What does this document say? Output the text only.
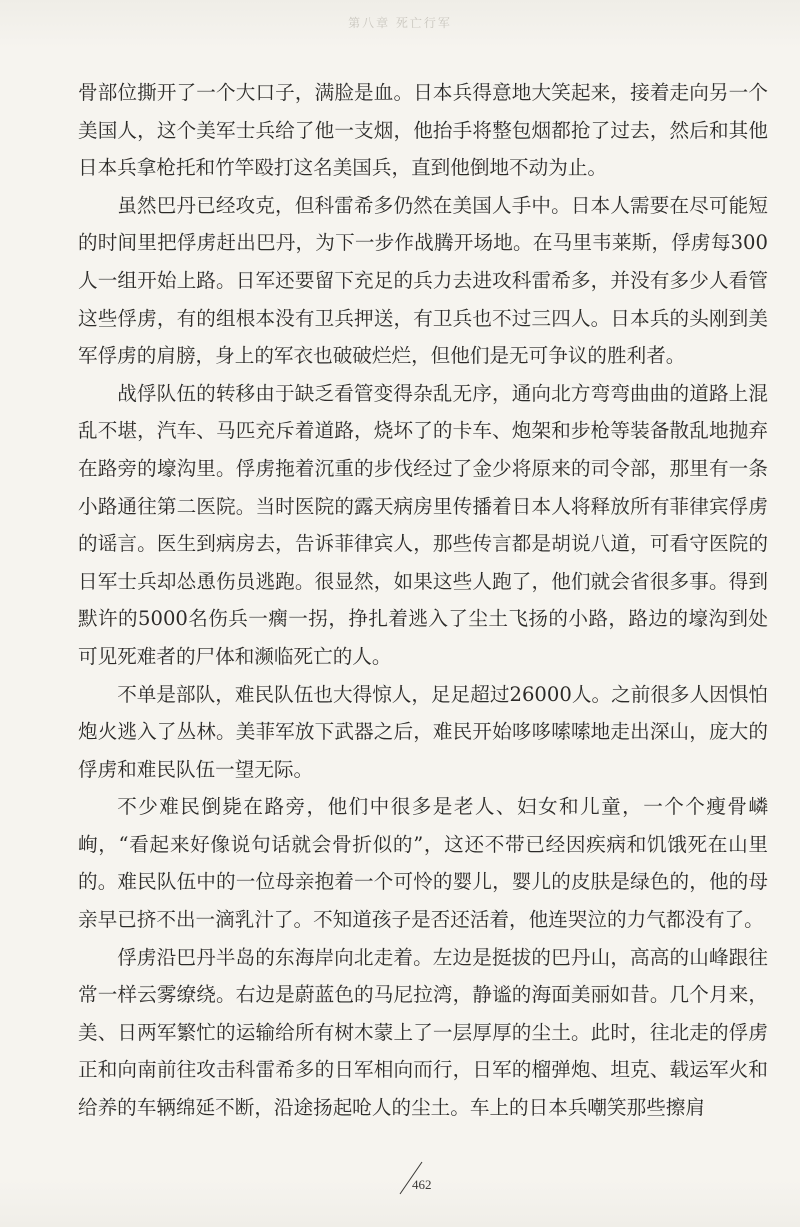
第八章 死亡行军

骨部位撕开了一个大口子，满脸是血。日本兵得意地大笑起来，接着走向另一个美国人，这个美军士兵给了他一支烟，他抬手将整包烟都抢了过去，然后和其他日本兵拿枪托和竹竿殴打这名美国兵，直到他倒地不动为止。

虽然巴丹已经攻克，但科雷希多仍然在美国人手中。日本人需要在尽可能短的时间里把俘虏赶出巴丹，为下一步作战腾开场地。在马里韦莱斯，俘虏每300人一组开始上路。日军还要留下充足的兵力去进攻科雷希多，并没有多少人看管这些俘虏，有的组根本没有卫兵押送，有卫兵也不过三四人。日本兵的头刚到美军俘虏的肩膀，身上的军衣也破破烂烂，但他们是无可争议的胜利者。

战俘队伍的转移由于缺乏看管变得杂乱无序，通向北方弯弯曲曲的道路上混乱不堪，汽车、马匹充斥着道路，烧坏了的卡车、炮架和步枪等装备散乱地抛弃在路旁的壕沟里。俘虏拖着沉重的步伐经过了金少将原来的司令部，那里有一条小路通往第二医院。当时医院的露天病房里传播着日本人将释放所有菲律宾俘虏的谣言。医生到病房去，告诉菲律宾人，那些传言都是胡说八道，可看守医院的日军士兵却怂恿伤员逃跑。很显然，如果这些人跑了，他们就会省很多事。得到默许的5000名伤兵一瘸一拐，挣扎着逃入了尘土飞扬的小路，路边的壕沟到处可见死难者的尸体和濒临死亡的人。

不单是部队，难民队伍也大得惊人，足足超过26000人。之前很多人因惧怕炮火逃入了丛林。美菲军放下武器之后，难民开始哆哆嗦嗦地走出深山，庞大的俘虏和难民队伍一望无际。

不少难民倒毙在路旁，他们中很多是老人、妇女和儿童，一个个瘦骨嶙峋，“看起来好像说句话就会骨折似的”，这还不带已经因疾病和饥饿死在山里的。难民队伍中的一位母亲抱着一个可怜的婴儿，婴儿的皮肤是绿色的，他的母亲早已挤不出一滴乳汁了。不知道孩子是否还活着，他连哭泣的力气都没有了。

俘虏沿巴丹半岛的东海岸向北走着。左边是挺拔的巴丹山，高高的山峰跟往常一样云雾缭绕。右边是蔚蓝色的马尼拉湾，静谧的海面美丽如昔。几个月来，美、日两军繁忙的运输给所有树木蒙上了一层厚厚的尘土。此时，往北走的俘虏正和向南前往攻击科雷希多的日军相向而行，日军的榴弹炮、坦克、载运军火和给养的车辆绵延不断，沿途扬起呛人的尘土。车上的日本兵嘲笑那些擦肩

462
